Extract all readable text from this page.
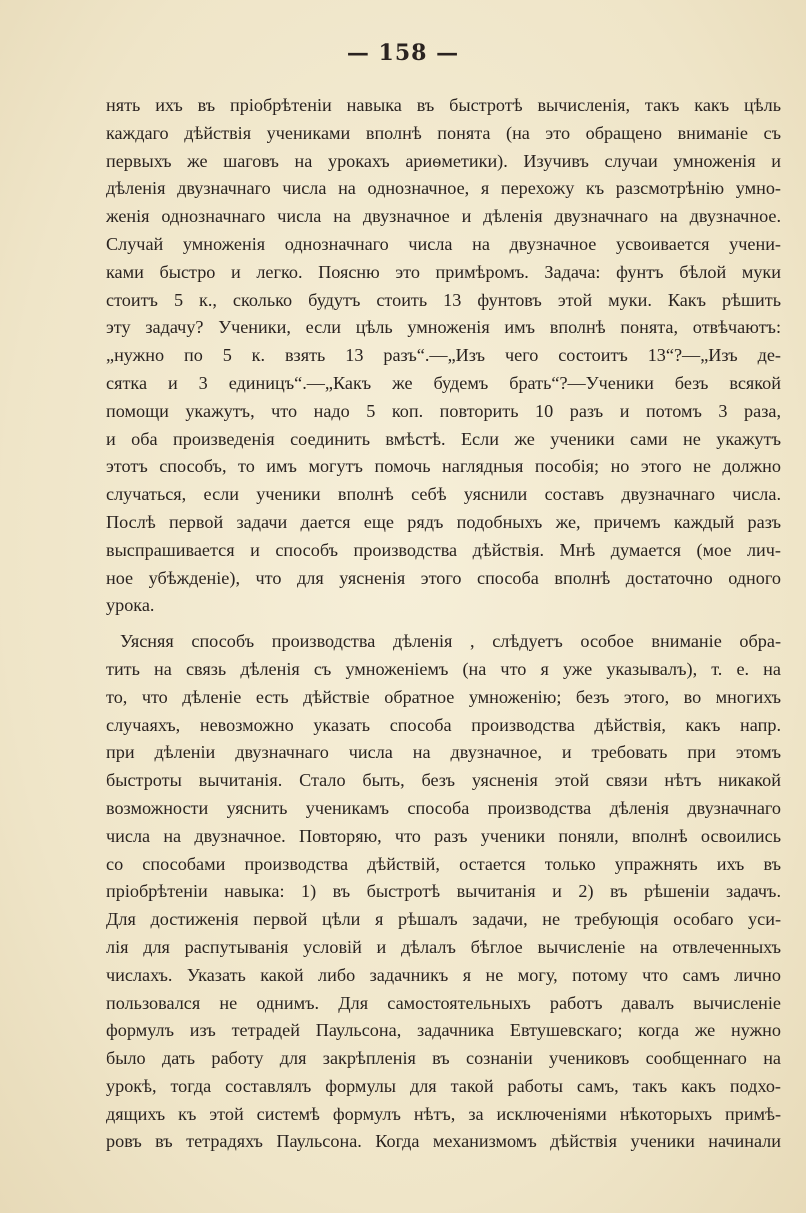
— 158 —
нять ихъ въ пріобрѣтеніи навыка въ быстротѣ вычисленія, такъ какъ цѣль
каждаго дѣйствія учениками вполнѣ понята (на это обращено вниманіе съ
первыхъ же шаговъ на урокахъ ариѳметики). Изучивъ случаи умноженія и
дѣленія двузначнаго числа на однозначное, я перехожу къ разсмотрѣнію умно-
женія однозначнаго числа на двузначное и дѣленія двузначнаго на двузначное.
Случай умноженія однозначнаго числа на двузначное усвоивается учени-
ками быстро и легко. Поясню это примѣромъ. Задача: фунтъ бѣлой муки
стоитъ 5 к., сколько будутъ стоить 13 фунтовъ этой муки. Какъ рѣшить
эту задачу? Ученики, если цѣль умноженія имъ вполнѣ понята, отвѣчаютъ:
„нужно по 5 к. взять 13 разъ“.—„Изъ чего состоитъ 13“?—„Изъ де-
сятка и 3 единицъ“.—„Какъ же будемъ брать“?—Ученики безъ всякой
помощи укажутъ, что надо 5 коп. повторить 10 разъ и потомъ 3 раза,
и оба произведенія соединить вмѣстѣ. Если же ученики сами не укажутъ
этотъ способъ, то имъ могутъ помочь наглядныя пособія; но этого не должно
случаться, если ученики вполнѣ себѣ уяснили составъ двузначнаго числа.
Послѣ первой задачи дается еще рядъ подобныхъ же, причемъ каждый разъ
выспрашивается и способъ производства дѣйствія. Мнѣ думается (мое лич-
ное убѣжденіе), что для уясненія этого способа вполнѣ достаточно одного
урока.
Уясняя способъ производства дѣленія , слѣдуетъ особое вниманіе обра-
тить на связь дѣленія съ умноженіемъ (на что я уже указывалъ), т. е. на
то, что дѣленіе есть дѣйствіе обратное умноженію; безъ этого, во многихъ
случаяхъ, невозможно указать способа производства дѣйствія, какъ напр.
при дѣленіи двузначнаго числа на двузначное, и требовать при этомъ
быстроты вычитанія. Стало быть, безъ уясненія этой связи нѣтъ никакой
возможности уяснить ученикамъ способа производства дѣленія двузначнаго
числа на двузначное. Повторяю, что разъ ученики поняли, вполнѣ освоились
со способами производства дѣйствій, остается только упражнять ихъ въ
пріобрѣтеніи навыка: 1) въ быстротѣ вычитанія и 2) въ рѣшеніи задачъ.
Для достиженія первой цѣли я рѣшалъ задачи, не требующія особаго уси-
лія для распутыванія условій и дѣлалъ бѣглое вычисленіе на отвлеченныхъ
числахъ. Указать какой либо задачникъ я не могу, потому что самъ лично
пользовался не однимъ. Для самостоятельныхъ работъ давалъ вычисленіе
формулъ изъ тетрадей Паульсона, задачника Евтушевскаго; когда же нужно
было дать работу для закрѣпленія въ сознаніи учениковъ сообщеннаго на
урокѣ, тогда составлялъ формулы для такой работы самъ, такъ какъ подхо-
дящихъ къ этой системѣ формулъ нѣтъ, за исключеніями нѣкоторыхъ примѣ-
ровъ въ тетрадяхъ Паульсона. Когда механизмомъ дѣйствія ученики начинали
